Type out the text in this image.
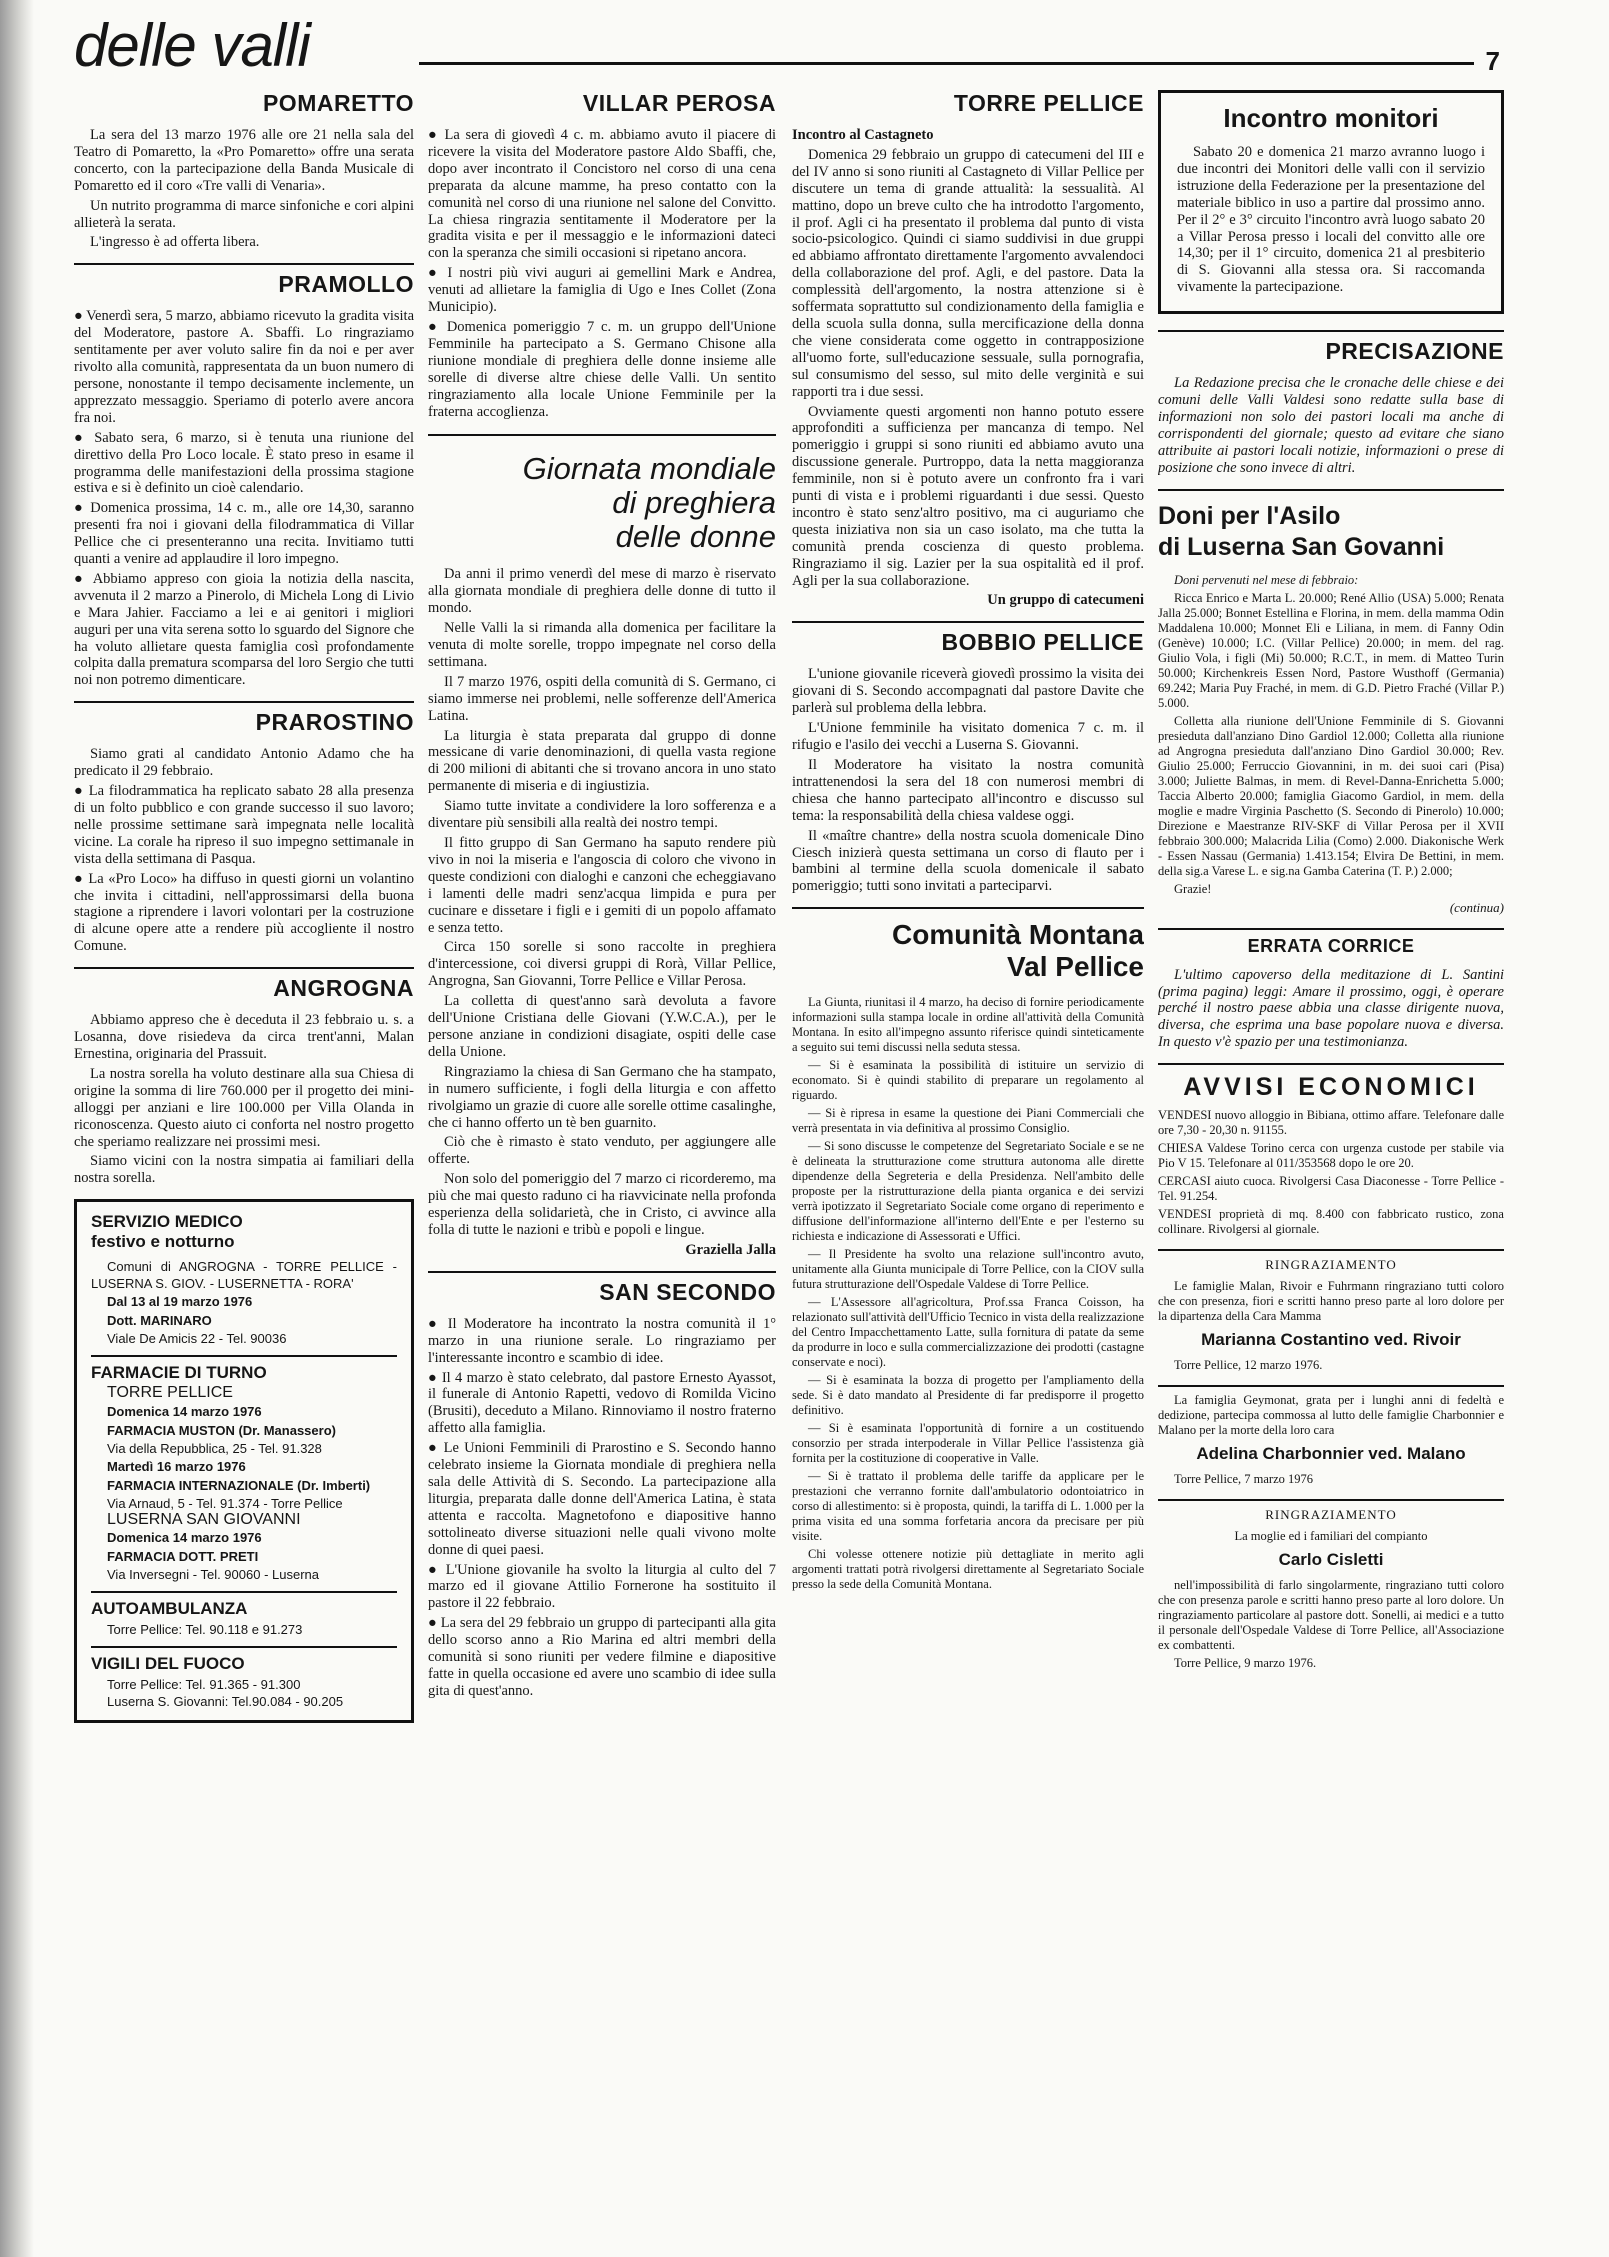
delle valli	7
POMARETTO

La sera del 13 marzo 1976 alle ore 21 nella sala del Teatro di Pomaretto, la «Pro Pomaretto» offre una serata concerto, con la partecipazione della Banda Musicale di Pomaretto ed il coro «Tre valli di Venaria».

Un nutrito programma di marce sinfoniche e cori alpini allieterà la serata.

L'ingresso è ad offerta libera.

PRAMOLLO

● Venerdì sera, 5 marzo, abbiamo ricevuto la gradita visita del Moderatore, pastore A. Sbaffi. Lo ringraziamo sentitamente per aver voluto salire fin da noi e per aver rivolto alla comunità, rappresentata da un buon numero di persone, nonostante il tempo decisamente inclemente, un apprezzato messaggio. Speriamo di poterlo avere ancora fra noi.

● Sabato sera, 6 marzo, si è tenuta una riunione del direttivo della Pro Loco locale. È stato preso in esame il programma delle manifestazioni della prossima stagione estiva e si è definito un cioè calendario.

● Domenica prossima, 14 c. m., alle ore 14,30, saranno presenti fra noi i giovani della filodrammatica di Villar Pellice che ci presenteranno una recita. Invitiamo tutti quanti a venire ad applaudire il loro impegno.

● Abbiamo appreso con gioia la notizia della nascita, avvenuta il 2 marzo a Pinerolo, di Michela Long di Livio e Mara Jahier. Facciamo a lei e ai genitori i migliori auguri per una vita serena sotto lo sguardo del Signore che ha voluto allietare questa famiglia così profondamente colpita dalla prematura scomparsa del loro Sergio che tutti noi non potremo dimenticare.

PRAROSTINO

Siamo grati al candidato Antonio Adamo che ha predicato il 29 febbraio.

● La filodrammatica ha replicato sabato 28 alla presenza di un folto pubblico e con grande successo il suo lavoro; nelle prossime settimane sarà impegnata nelle località vicine. La corale ha ripreso il suo impegno settimanale in vista della settimana di Pasqua.

● La «Pro Loco» ha diffuso in questi giorni un volantino che invita i cittadini, nell'approssimarsi della buona stagione a riprendere i lavori volontari per la costruzione di alcune opere atte a rendere più accogliente il nostro Comune.

ANGROGNA

Abbiamo appreso che è deceduta il 23 febbraio u. s. a Losanna, dove risiedeva da circa trent'anni, Malan Ernestina, originaria del Prassuit.

La nostra sorella ha voluto destinare alla sua Chiesa di origine la somma di lire 760.000 per il progetto dei mini-alloggi per anziani e lire 100.000 per Villa Olanda in riconoscenza. Questo aiuto ci conforta nel nostro progetto che speriamo realizzare nei prossimi mesi.

Siamo vicini con la nostra simpatia ai familiari della nostra sorella.

SERVIZIO MEDICO
festivo e notturno

Comuni di ANGROGNA - TORRE PELLICE - LUSERNA S. GIOV. - LUSERNETTA - RORA'

Dal 13 al 19 marzo 1976

Dott. MARINARO

Viale De Amicis 22 - Tel. 90036

FARMACIE DI TURNO

TORRE PELLICE

Domenica 14 marzo 1976

FARMACIA MUSTON (Dr. Manassero)

Via della Repubblica, 25 - Tel. 91.328

Martedì 16 marzo 1976

FARMACIA INTERNAZIONALE (Dr. Imberti)

Via Arnaud, 5 - Tel. 91.374 - Torre Pellice

LUSERNA SAN GIOVANNI

Domenica 14 marzo 1976

FARMACIA DOTT. PRETI

Via Inversegni - Tel. 90060 - Luserna

AUTOAMBULANZA

Torre Pellice: Tel. 90.118 e 91.273

VIGILI DEL FUOCO

Torre Pellice: Tel. 91.365 - 91.300

Luserna S. Giovanni: Tel.90.084 - 90.205

VILLAR PEROSA

● La sera di giovedì 4 c. m. abbiamo avuto il piacere di ricevere la visita del Moderatore pastore Aldo Sbaffi, che, dopo aver incontrato il Concistoro nel corso di una cena preparata da alcune mamme, ha preso contatto con la comunità nel corso di una riunione nel salone del Convitto. La chiesa ringrazia sentitamente il Moderatore per la gradita visita e per il messaggio e le informazioni dateci con la speranza che simili occasioni si ripetano ancora.

● I nostri più vivi auguri ai gemellini Mark e Andrea, venuti ad allietare la famiglia di Ugo e Ines Collet (Zona Municipio).

● Domenica pomeriggio 7 c. m. un gruppo dell'Unione Femminile ha partecipato a S. Germano Chisone alla riunione mondiale di preghiera delle donne insieme alle sorelle di diverse altre chiese delle Valli. Un sentito ringraziamento alla locale Unione Femminile per la fraterna accoglienza.

Giornata mondiale
di preghiera
delle donne

Da anni il primo venerdì del mese di marzo è riservato alla giornata mondiale di preghiera delle donne di tutto il mondo.

Nelle Valli la si rimanda alla domenica per facilitare la venuta di molte sorelle, troppo impegnate nel corso della settimana.

Il 7 marzo 1976, ospiti della comunità di S. Germano, ci siamo immerse nei problemi, nelle sofferenze dell'America Latina.

La liturgia è stata preparata dal gruppo di donne messicane di varie denominazioni, di quella vasta regione di 200 milioni di abitanti che si trovano ancora in uno stato permanente di miseria e di ingiustizia.

Siamo tutte invitate a condividere la loro sofferenza e a diventare più sensibili alla realtà dei nostro tempi.

Il fitto gruppo di San Germano ha saputo rendere più vivo in noi la miseria e l'angoscia di coloro che vivono in queste condizioni con dialoghi e canzoni che echeggiavano i lamenti delle madri senz'acqua limpida e pura per cucinare e dissetare i figli e i gemiti di un popolo affamato e senza tetto.

Circa 150 sorelle si sono raccolte in preghiera d'intercessione, coi diversi gruppi di Rorà, Villar Pellice, Angrogna, San Giovanni, Torre Pellice e Villar Perosa.

La colletta di quest'anno sarà devoluta a favore dell'Unione Cristiana delle Giovani (Y.W.C.A.), per le persone anziane in condizioni disagiate, ospiti delle case della Unione.

Ringraziamo la chiesa di San Germano che ha stampato, in numero sufficiente, i fogli della liturgia e con affetto rivolgiamo un grazie di cuore alle sorelle ottime casalinghe, che ci hanno offerto un tè ben guarnito.

Ciò che è rimasto è stato venduto, per aggiungere alle offerte.

Non solo del pomeriggio del 7 marzo ci ricorderemo, ma più che mai questo raduno ci ha riavvicinate nella profonda esperienza della solidarietà, che in Cristo, ci avvince alla folla di tutte le nazioni e tribù e popoli e lingue.

Graziella Jalla
SAN SECONDO

● Il Moderatore ha incontrato la nostra comunità il 1° marzo in una riunione serale. Lo ringraziamo per l'interessante incontro e scambio di idee.

● Il 4 marzo è stato celebrato, dal pastore Ernesto Ayassot, il funerale di Antonio Rapetti, vedovo di Romilda Vicino (Brusiti), deceduto a Milano. Rinnoviamo il nostro fraterno affetto alla famiglia.

● Le Unioni Femminili di Prarostino e S. Secondo hanno celebrato insieme la Giornata mondiale di preghiera nella sala delle Attività di S. Secondo. La partecipazione alla liturgia, preparata dalle donne dell'America Latina, è stata attenta e raccolta. Magnetofono e diapositive hanno sottolineato diverse situazioni nelle quali vivono molte donne di quei paesi.

● L'Unione giovanile ha svolto la liturgia al culto del 7 marzo ed il giovane Attilio Fornerone ha sostituito il pastore il 22 febbraio.

● La sera del 29 febbraio un gruppo di partecipanti alla gita dello scorso anno a Rio Marina ed altri membri della comunità si sono riuniti per vedere filmine e diapositive fatte in quella occasione ed avere uno scambio di idee sulla gita di quest'anno.

TORRE PELLICE

Incontro al Castagneto

Domenica 29 febbraio un gruppo di catecumeni del III e del IV anno si sono riuniti al Castagneto di Villar Pellice per discutere un tema di grande attualità: la sessualità. Al mattino, dopo un breve culto che ha introdotto l'argomento, il prof. Agli ci ha presentato il problema dal punto di vista socio-psicologico. Quindi ci siamo suddivisi in due gruppi ed abbiamo affrontato direttamente l'argomento avvalendoci della collaborazione del prof. Agli, e del pastore. Data la complessità dell'argomento, la nostra attenzione si è soffermata soprattutto sul condizionamento della famiglia e della scuola sulla donna, sulla mercificazione della donna che viene considerata come oggetto in contrapposizione all'uomo forte, sull'educazione sessuale, sulla pornografia, sul consumismo del sesso, sul mito delle verginità e sui rapporti tra i due sessi.

Ovviamente questi argomenti non hanno potuto essere approfonditi a sufficienza per mancanza di tempo. Nel pomeriggio i gruppi si sono riuniti ed abbiamo avuto una discussione generale. Purtroppo, data la netta maggioranza femminile, non si è potuto avere un confronto fra i vari punti di vista e i problemi riguardanti i due sessi. Questo incontro è stato senz'altro positivo, ma ci auguriamo che questa iniziativa non sia un caso isolato, ma che tutta la comunità prenda coscienza di questo problema. Ringraziamo il sig. Lazier per la sua ospitalità ed il prof. Agli per la sua collaborazione.

Un gruppo di catecumeni
BOBBIO PELLICE

L'unione giovanile riceverà giovedì prossimo la visita dei giovani di S. Secondo accompagnati dal pastore Davite che parlerà sul problema della lebbra.

L'Unione femminile ha visitato domenica 7 c. m. il rifugio e l'asilo dei vecchi a Luserna S. Giovanni.

Il Moderatore ha visitato la nostra comunità intrattenendosi la sera del 18 con numerosi membri di chiesa che hanno partecipato all'incontro e discusso sul tema: la responsabilità della chiesa valdese oggi.

Il «maître chantre» della nostra scuola domenicale Dino Ciesch inizierà questa settimana un corso di flauto per i bambini al termine della scuola domenicale il sabato pomeriggio; tutti sono invitati a parteciparvi.

Comunità Montana
Val Pellice

La Giunta, riunitasi il 4 marzo, ha deciso di fornire periodicamente informazioni sulla stampa locale in ordine all'attività della Comunità Montana. In esito all'impegno assunto riferisce quindi sinteticamente a seguito sui temi discussi nella seduta stessa.

— Si è esaminata la possibilità di istituire un servizio di economato. Si è quindi stabilito di preparare un regolamento al riguardo.

— Si è ripresa in esame la questione dei Piani Commerciali che verrà presentata in via definitiva al prossimo Consiglio.

— Si sono discusse le competenze del Segretariato Sociale e se ne è delineata la strutturazione come struttura autonoma alle dirette dipendenze della Segreteria e della Presidenza. Nell'ambito delle proposte per la ristrutturazione della pianta organica e dei servizi verrà ipotizzato il Segretariato Sociale come organo di reperimento e diffusione dell'informazione all'interno dell'Ente e per l'esterno su richiesta e indicazione di Assessorati e Uffici.

— Il Presidente ha svolto una relazione sull'incontro avuto, unitamente alla Giunta municipale di Torre Pellice, con la CIOV sulla futura strutturazione dell'Ospedale Valdese di Torre Pellice.

— L'Assessore all'agricoltura, Prof.ssa Franca Coisson, ha relazionato sull'attività dell'Ufficio Tecnico in vista della realizzazione del Centro Impacchettamento Latte, sulla fornitura di patate da seme da produrre in loco e sulla commercializzazione dei prodotti (castagne conservate e noci).

— Si è esaminata la bozza di progetto per l'ampliamento della sede. Si è dato mandato al Presidente di far predisporre il progetto definitivo.

— Si è esaminata l'opportunità di fornire a un costituendo consorzio per strada interpoderale in Villar Pellice l'assistenza già fornita per la costituzione di cooperative in Valle.

— Si è trattato il problema delle tariffe da applicare per le prestazioni che verranno fornite dall'ambulatorio odontoiatrico in corso di allestimento: si è proposta, quindi, la tariffa di L. 1.000 per la prima visita ed una somma forfetaria ancora da precisare per più visite.

Chi volesse ottenere notizie più dettagliate in merito agli argomenti trattati potrà rivolgersi direttamente al Segretariato Sociale presso la sede della Comunità Montana.

Incontro monitori

Sabato 20 e domenica 21 marzo avranno luogo i due incontri dei Monitori delle valli con il servizio istruzione della Federazione per la presentazione del materiale biblico in uso a partire dal prossimo anno. Per il 2° e 3° circuito l'incontro avrà luogo sabato 20 a Villar Perosa presso i locali del convitto alle ore 14,30; per il 1° circuito, domenica 21 al presbiterio di S. Giovanni alla stessa ora. Si raccomanda vivamente la partecipazione.

PRECISAZIONE

La Redazione precisa che le cronache delle chiese e dei comuni delle Valli Valdesi sono redatte sulla base di informazioni non solo dei pastori locali ma anche di corrispondenti del giornale; questo ad evitare che siano attribuite ai pastori locali notizie, informazioni o prese di posizione che sono invece di altri.

Doni per l'Asilo
di Luserna San Govanni

Doni pervenuti nel mese di febbraio:

Ricca Enrico e Marta L. 20.000; René Allio (USA) 5.000; Renata Jalla 25.000; Bonnet Estellina e Florina, in mem. della mamma Odin Maddalena 10.000; Monnet Eli e Liliana, in mem. di Fanny Odin (Genève) 10.000; I.C. (Villar Pellice) 20.000; in mem. del rag. Giulio Vola, i figli (Mi) 50.000; R.C.T., in mem. di Matteo Turin 50.000; Kirchenkreis Essen Nord, Pastore Wusthoff (Germania) 69.242; Maria Puy Fraché, in mem. di G.D. Pietro Fraché (Villar P.) 5.000.

Colletta alla riunione dell'Unione Femminile di S. Giovanni presieduta dall'anziano Dino Gardiol 12.000; Colletta alla riunione ad Angrogna presieduta dall'anziano Dino Gardiol 30.000; Rev. Giulio 25.000; Ferruccio Giovannini, in m. dei suoi cari (Pisa) 3.000; Juliette Balmas, in mem. di Revel-Danna-Enrichetta 5.000; Taccia Alberto 20.000; famiglia Giacomo Gardiol, in mem. della moglie e madre Virginia Paschetto (S. Secondo di Pinerolo) 10.000; Direzione e Maestranze RIV-SKF di Villar Perosa per il XVII febbraio 300.000; Malacrida Lilia (Como) 2.000. Diakonische Werk - Essen Nassau (Germania) 1.413.154; Elvira De Bettini, in mem. della sig.a Varese L. e sig.na Gamba Caterina (T. P.) 2.000;

Grazie!

(continua)
ERRATA CORRICE

L'ultimo capoverso della meditazione di L. Santini (prima pagina) leggi: Amare il prossimo, oggi, è operare perché il nostro paese abbia una classe dirigente nuova, diversa, che esprima una base popolare nuova e diversa. In questo v'è spazio per una testimonianza.

AVVISI ECONOMICI

VENDESI nuovo alloggio in Bibiana, ottimo affare. Telefonare dalle ore 7,30 - 20,30 n. 91155.

CHIESA Valdese Torino cerca con urgenza custode per stabile via Pio V 15. Telefonare al 011/353568 dopo le ore 20.

CERCASI aiuto cuoca. Rivolgersi Casa Diaconesse - Torre Pellice - Tel. 91.254.

VENDESI proprietà di mq. 8.400 con fabbricato rustico, zona collinare. Rivolgersi al giornale.

RINGRAZIAMENTO

Le famiglie Malan, Rivoir e Fuhrmann ringraziano tutti coloro che con presenza, fiori e scritti hanno preso parte al loro dolore per la dipartenza della Cara Mamma

Marianna Costantino ved. Rivoir

Torre Pellice, 12 marzo 1976.

La famiglia Geymonat, grata per i lunghi anni di fedeltà e dedizione, partecipa commossa al lutto delle famiglie Charbonnier e Malano per la morte della loro cara

Adelina Charbonnier ved. Malano

Torre Pellice, 7 marzo 1976

RINGRAZIAMENTO

La moglie ed i familiari del compianto

Carlo Cisletti

nell'impossibilità di farlo singolarmente, ringraziano tutti coloro che con presenza parole e scritti hanno preso parte al loro dolore. Un ringraziamento particolare al pastore dott. Sonelli, ai medici e a tutto il personale dell'Ospedale Valdese di Torre Pellice, all'Associazione ex combattenti.

Torre Pellice, 9 marzo 1976.
